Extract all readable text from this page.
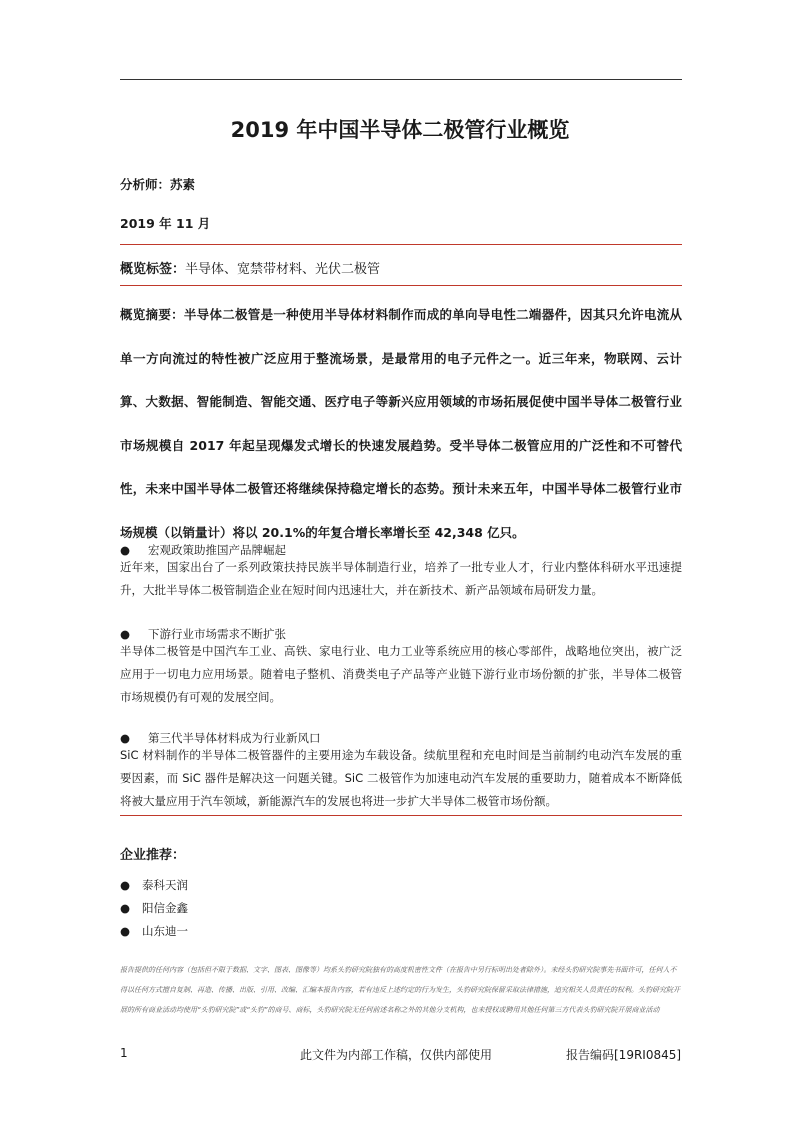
2019 年中国半导体二极管行业概览
分析师：苏素
2019 年 11 月
概览标签：半导体、宽禁带材料、光伏二极管
概览摘要：半导体二极管是一种使用半导体材料制作而成的单向导电性二端器件，因其只允许电流从单一方向流过的特性被广泛应用于整流场景，是最常用的电子元件之一。近三年来，物联网、云计算、大数据、智能制造、智能交通、医疗电子等新兴应用领域的市场拓展促使中国半导体二极管行业市场规模自 2017 年起呈现爆发式增长的快速发展趋势。受半导体二极管应用的广泛性和不可替代性，未来中国半导体二极管还将继续保持稳定增长的态势。预计未来五年，中国半导体二极管行业市场规模（以销量计）将以 20.1%的年复合增长率增长至 42,348 亿只。
● 宏观政策助推国产品牌崛起
近年来，国家出台了一系列政策扶持民族半导体制造行业，培养了一批专业人才，行业内整体科研水平迅速提升，大批半导体二极管制造企业在短时间内迅速壮大，并在新技术、新产品领域布局研发力量。
● 下游行业市场需求不断扩张
半导体二极管是中国汽车工业、高铁、家电行业、电力工业等系统应用的核心零部件，战略地位突出，被广泛应用于一切电力应用场景。随着电子整机、消费类电子产品等产业链下游行业市场份额的扩张，半导体二极管市场规模仍有可观的发展空间。
● 第三代半导体材料成为行业新风口
SiC 材料制作的半导体二极管器件的主要用途为车载设备。续航里程和充电时间是当前制约电动汽车发展的重要因素，而 SiC 器件是解决这一问题关键。SiC 二极管作为加速电动汽车发展的重要助力，随着成本不断降低将被大量应用于汽车领域，新能源汽车的发展也将进一步扩大半导体二极管市场份额。
企业推荐：
● 泰科天润
● 阳信金鑫
● 山东迪一
报告提供的任何内容（包括但不限于数据、文字、图表、图像等）均系头豹研究院独有的高度机密性文件（在报告中另行标明出处者除外）。未经头豹研究院事先书面许可，任何人不得以任何方式擅自复制、再造、传播、出版、引用、改编、汇编本报告内容，若有违反上述约定的行为发生，头豹研究院保留采取法律措施，追究相关人员责任的权利。头豹研究院开展的所有商业活动均使用“头豹研究院”或“头豹”的商号、商标，头豹研究院无任何前述名称之外的其他分支机构，也未授权或聘用其他任何第三方代表头豹研究院开展商业活动
1	此文件为内部工作稿，仅供内部使用	报告编码[19RI0845]
